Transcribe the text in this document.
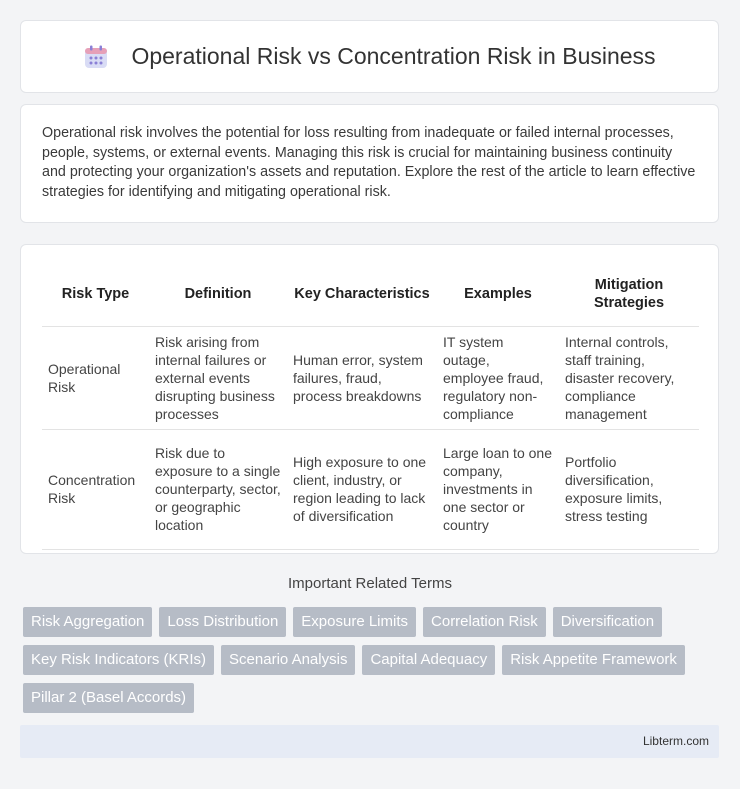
Operational Risk vs Concentration Risk in Business

Operational risk involves the potential for loss resulting from inadequate or failed internal processes, people, systems, or external events. Managing this risk is crucial for maintaining business continuity and protecting your organization's assets and reputation. Explore the rest of the article to learn effective strategies for identifying and mitigating operational risk.

Risk Type	Definition	Key Characteristics	Examples	Mitigation Strategies
Operational Risk	Risk arising from internal failures or external events disrupting business processes	Human error, system failures, fraud, process breakdowns	IT system outage, employee fraud, regulatory non-compliance	Internal controls, staff training, disaster recovery, compliance management
Concentration Risk	Risk due to exposure to a single counterparty, sector, or geographic location	High exposure to one client, industry, or region leading to lack of diversification	Large loan to one company, investments in one sector or country	Portfolio diversification, exposure limits, stress testing
Important Related Terms
Risk Aggregation	Loss Distribution	Exposure Limits	Correlation Risk	Diversification
Key Risk Indicators (KRIs)	Scenario Analysis	Capital Adequacy	Risk Appetite Framework
Pillar 2 (Basel Accords)
Libterm.com
